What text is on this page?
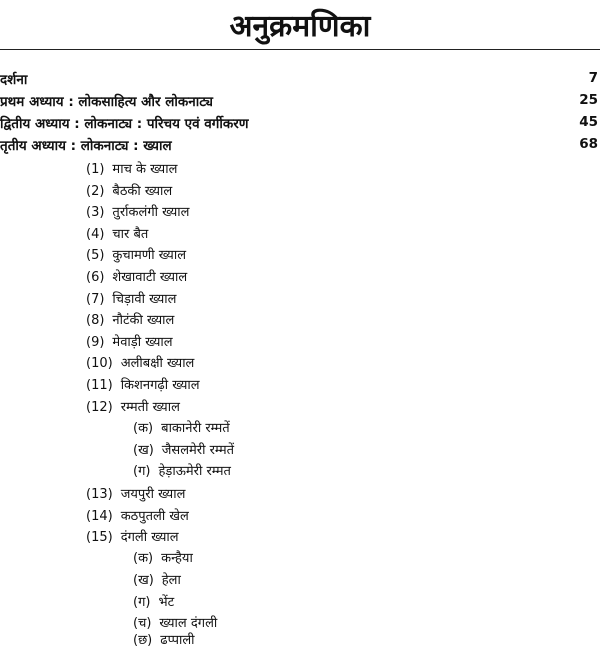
अनुक्रमणिका
दर्शना	7
प्रथम अध्याय : लोकसाहित्य और लोकनाट्य	25
द्वितीय अध्याय : लोकनाट्य : परिचय एवं वर्गीकरण	45
तृतीय अध्याय : लोकनाट्य : ख्याल	68
(1) माच के ख्याल
(2) बैठकी ख्याल
(3) तुर्राकलंगी ख्याल
(4) चार बैत
(5) कुचामणी ख्याल
(6) शेखावाटी ख्याल
(7) चिड़ावी ख्याल
(8) नौटंकी ख्याल
(9) मेवाड़ी ख्याल
(10) अलीबक्षी ख्याल
(11) किशनगढ़ी ख्याल
(12) रम्मती ख्याल
(क) बाकानेरी रम्मतें
(ख) जैसलमेरी रम्मतें
(ग) हेड़ाऊमेरी रम्मत
(13) जयपुरी ख्याल
(14) कठपुतली खेल
(15) दंगली ख्याल
(क) कन्हैया
(ख) हेला
(ग) भेंट
(च) ख्याल दंगली
(छ) ढप्पाली
